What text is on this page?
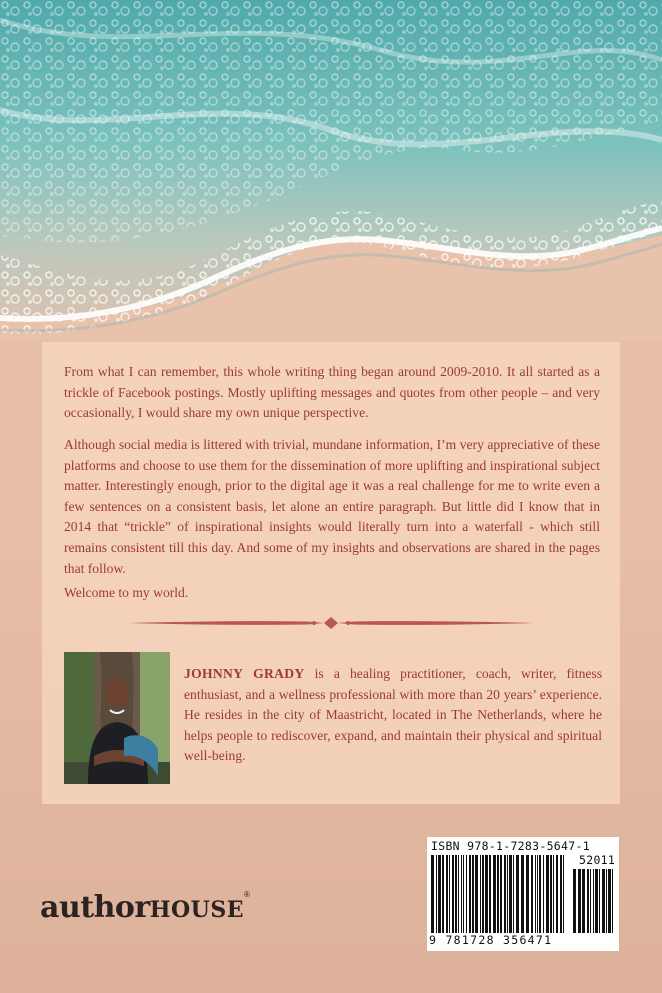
From what I can remember, this whole writing thing began around 2009-2010. It all started as a trickle of Facebook postings. Mostly uplifting messages and quotes from other people – and very occasionally, I would share my own unique perspective.

Although social media is littered with trivial, mundane information, I’m very appreciative of these platforms and choose to use them for the dissemination of more uplifting and inspirational subject matter. Interestingly enough, prior to the digital age it was a real challenge for me to write even a few sentences on a consistent basis, let alone an entire paragraph. But little did I know that in 2014 that “trickle” of inspirational insights would literally turn into a waterfall - which still remains consistent till this day. And some of my insights and observations are shared in the pages that follow.

Welcome to my world.

JOHNNY GRADY is a healing practitioner, coach, writer, fitness enthusiast, and a wellness professional with more than 20 years’ experience. He resides in the city of Maastricht, located in The Netherlands, where he helps people to rediscover, expand, and maintain their physical and spiritual well-being.

authorHOUSE®
ISBN 978-1-7283-5647-1
52011
9 781728 356471
